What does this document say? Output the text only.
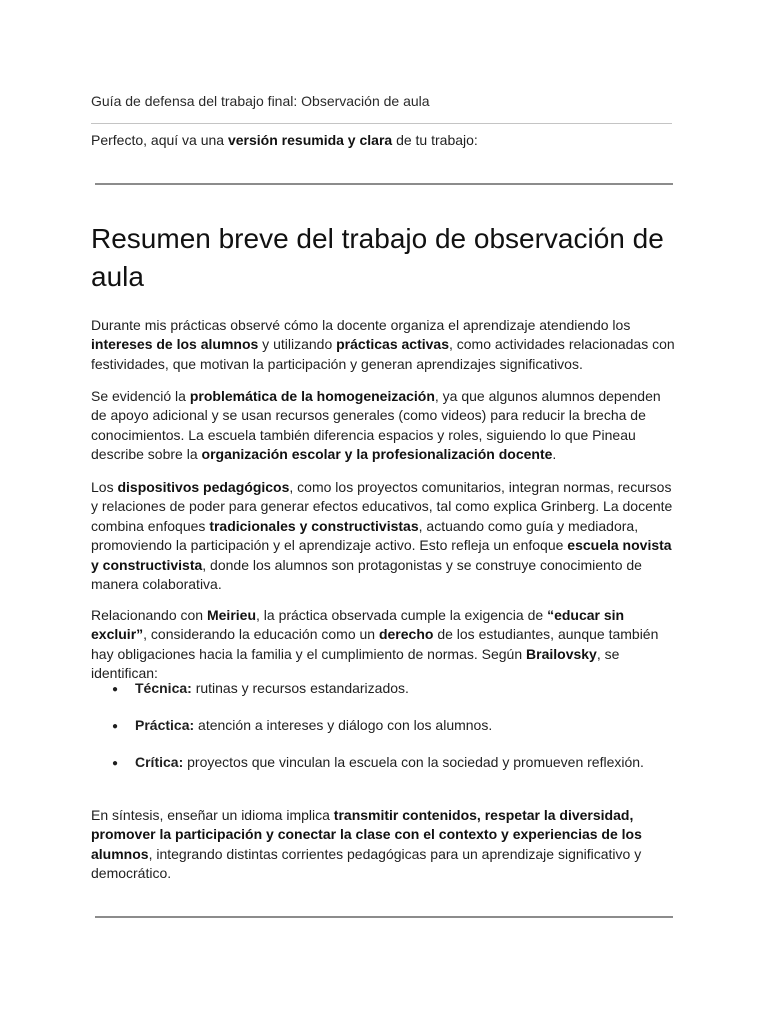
Guía de defensa del trabajo final: Observación de aula
Perfecto, aquí va una versión resumida y clara de tu trabajo:
Resumen breve del trabajo de observación de aula

Durante mis prácticas observé cómo la docente organiza el aprendizaje atendiendo los intereses de los alumnos y utilizando prácticas activas, como actividades relacionadas con festividades, que motivan la participación y generan aprendizajes significativos.

Se evidenció la problemática de la homogeneización, ya que algunos alumnos dependen de apoyo adicional y se usan recursos generales (como videos) para reducir la brecha de conocimientos. La escuela también diferencia espacios y roles, siguiendo lo que Pineau describe sobre la organización escolar y la profesionalización docente.

Los dispositivos pedagógicos, como los proyectos comunitarios, integran normas, recursos y relaciones de poder para generar efectos educativos, tal como explica Grinberg. La docente combina enfoques tradicionales y constructivistas, actuando como guía y mediadora, promoviendo la participación y el aprendizaje activo. Esto refleja un enfoque escuela novista y constructivista, donde los alumnos son protagonistas y se construye conocimiento de manera colaborativa.

Relacionando con Meirieu, la práctica observada cumple la exigencia de “educar sin excluir”, considerando la educación como un derecho de los estudiantes, aunque también hay obligaciones hacia la familia y el cumplimiento de normas. Según Brailovsky, se identifican:

● Técnica: rutinas y recursos estandarizados.
● Práctica: atención a intereses y diálogo con los alumnos.
● Crítica: proyectos que vinculan la escuela con la sociedad y promueven reflexión.

En síntesis, enseñar un idioma implica transmitir contenidos, respetar la diversidad, promover la participación y conectar la clase con el contexto y experiencias de los alumnos, integrando distintas corrientes pedagógicas para un aprendizaje significativo y democrático.
